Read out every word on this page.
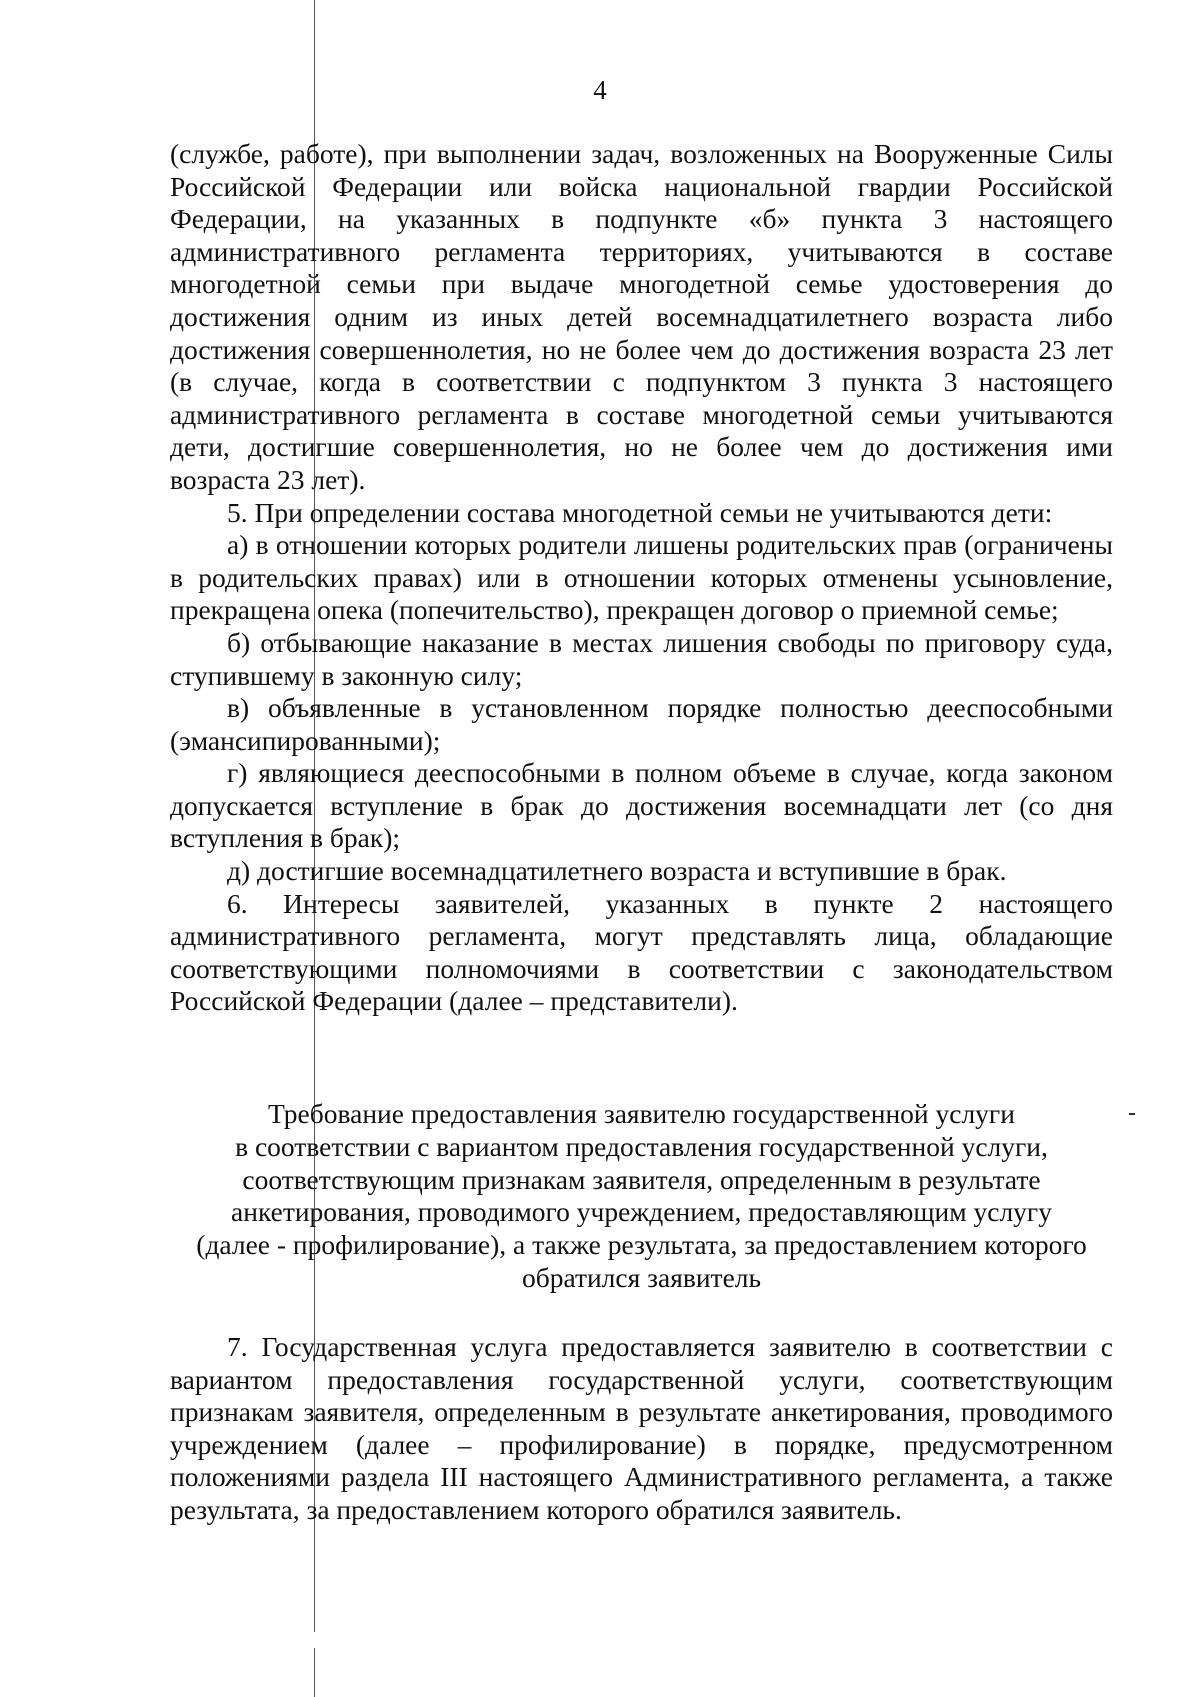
4

(службе, работе), при выполнении задач, возложенных на Вооруженные Силы Российской Федерации или войска национальной гвардии Российской Федерации, на указанных в подпункте «б» пункта 3 настоящего административного регламента территориях, учитываются в составе многодетной семьи при выдаче многодетной семье удостоверения до достижения одним из иных детей восемнадцатилетнего возраста либо достижения совершеннолетия, но не более чем до достижения возраста 23 лет (в случае, когда в соответствии с подпунктом 3 пункта 3 настоящего административного регламента в составе многодетной семьи учитываются дети, достигшие совершеннолетия, но не более чем до достижения ими возраста 23 лет).

5. При определении состава многодетной семьи не учитываются дети:

а) в отношении которых родители лишены родительских прав (ограничены в родительских правах) или в отношении которых отменены усыновление, прекращена опека (попечительство), прекращен договор о приемной семье;

б) отбывающие наказание в местах лишения свободы по приговору суда, ступившему в законную силу;

в) объявленные в установленном порядке полностью дееспособными (эмансипированными);

г) являющиеся дееспособными в полном объеме в случае, когда законом допускается вступление в брак до достижения восемнадцати лет (со дня вступления в брак);

д) достигшие восемнадцатилетнего возраста и вступившие в брак.

6. Интересы заявителей, указанных в пункте 2 настоящего административного регламента, могут представлять лица, обладающие соответствующими полномочиями в соответствии с законодательством Российской Федерации (далее – представители).

Требование предоставления заявителю государственной услуги
в соответствии с вариантом предоставления государственной услуги,
соответствующим признакам заявителя, определенным в результате
анкетирования, проводимого учреждением, предоставляющим услугу
(далее - профилирование), а также результата, за предоставлением которого
обратился заявитель

7. Государственная услуга предоставляется заявителю в соответствии с вариантом предоставления государственной услуги, соответствующим признакам заявителя, определенным в результате анкетирования, проводимого учреждением (далее – профилирование) в порядке, предусмотренном положениями раздела III настоящего Административного регламента, а также результата, за предоставлением которого обратился заявитель.
